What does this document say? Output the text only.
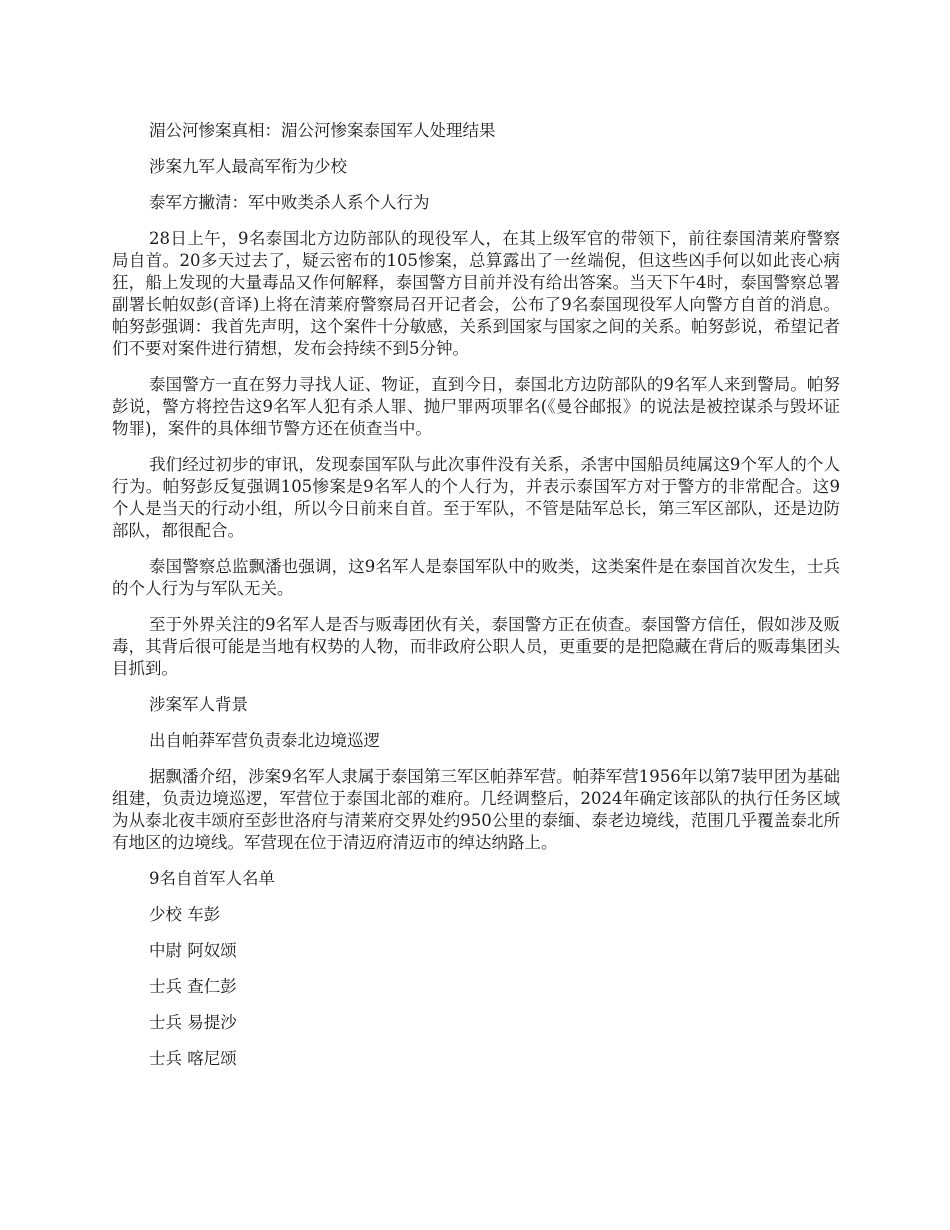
湄公河惨案真相：湄公河惨案泰国军人处理结果

涉案九军人最高军衔为少校

泰军方撇清：军中败类杀人系个人行为

28日上午，9名泰国北方边防部队的现役军人，在其上级军官的带领下，前往泰国清莱府警察局自首。20多天过去了，疑云密布的105惨案，总算露出了一丝端倪，但这些凶手何以如此丧心病狂，船上发现的大量毒品又作何解释，泰国警方目前并没有给出答案。当天下午4时，泰国警察总署副署长帕奴彭(音译)上将在清莱府警察局召开记者会，公布了9名泰国现役军人向警方自首的消息。帕努彭强调：我首先声明，这个案件十分敏感，关系到国家与国家之间的关系。帕努彭说，希望记者们不要对案件进行猜想，发布会持续不到5分钟。

泰国警方一直在努力寻找人证、物证，直到今日，泰国北方边防部队的9名军人来到警局。帕努彭说，警方将控告这9名军人犯有杀人罪、抛尸罪两项罪名(《曼谷邮报》的说法是被控谋杀与毁坏证物罪)，案件的具体细节警方还在侦查当中。

我们经过初步的审讯，发现泰国军队与此次事件没有关系，杀害中国船员纯属这9个军人的个人行为。帕努彭反复强调105惨案是9名军人的个人行为，并表示泰国军方对于警方的非常配合。这9个人是当天的行动小组，所以今日前来自首。至于军队，不管是陆军总长，第三军区部队，还是边防部队，都很配合。

泰国警察总监飘潘也强调，这9名军人是泰国军队中的败类，这类案件是在泰国首次发生，士兵的个人行为与军队无关。

至于外界关注的9名军人是否与贩毒团伙有关，泰国警方正在侦查。泰国警方信任，假如涉及贩毒，其背后很可能是当地有权势的人物，而非政府公职人员，更重要的是把隐藏在背后的贩毒集团头目抓到。

涉案军人背景

出自帕莽军营负责泰北边境巡逻

据飘潘介绍，涉案9名军人隶属于泰国第三军区帕莽军营。帕莽军营1956年以第7装甲团为基础组建，负责边境巡逻，军营位于泰国北部的难府。几经调整后，2024年确定该部队的执行任务区域为从泰北夜丰颂府至彭世洛府与清莱府交界处约950公里的泰缅、泰老边境线，范围几乎覆盖泰北所有地区的边境线。军营现在位于清迈府清迈市的绰达纳路上。

9名自首军人名单

少校 车彭

中尉 阿奴颂

士兵 查仁彭

士兵 易提沙

士兵 喀尼颂
